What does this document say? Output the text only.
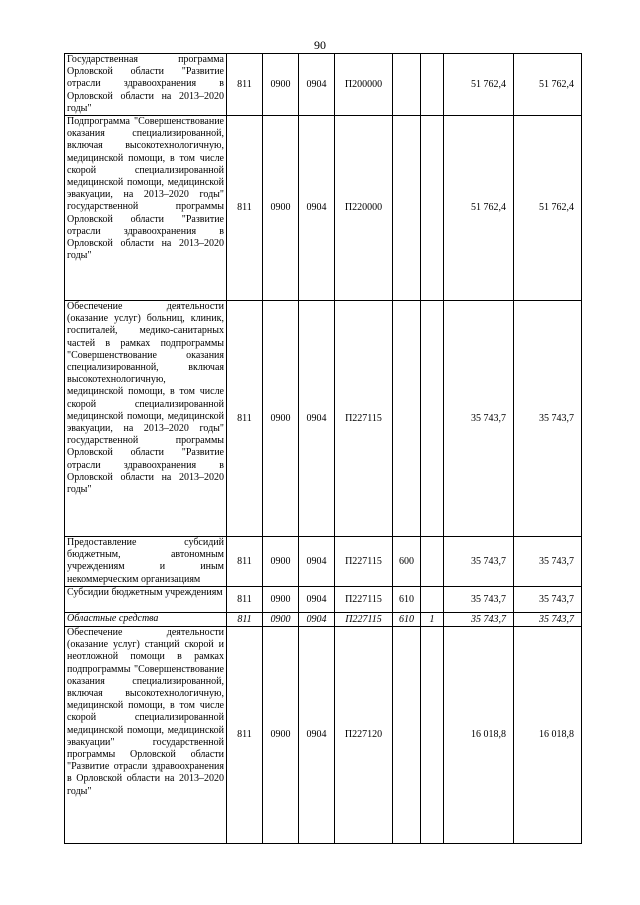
90
Государственная программа Орловской области "Развитие отрасли здравоохранения в Орловской области на 2013–2020 годы"	811	0900	0904	П200000			51 762,4	51 762,4
Подпрограмма "Совершенствование оказания специализированной, включая высокотехнологичную, медицинской помощи, в том числе скорой специализированной медицинской помощи, медицинской эвакуации, на 2013–2020 годы" государственной программы Орловской области "Развитие отрасли здравоохранения в Орловской области на 2013–2020 годы"	811	0900	0904	П220000			51 762,4	51 762,4
Обеспечение деятельности (оказание услуг) больниц, клиник, госпиталей, медико-санитарных частей в рамках подпрограммы "Совершенствование оказания специализированной, включая высокотехнологичную, медицинской помощи, в том числе скорой специализированной медицинской помощи, медицинской эвакуации, на 2013–2020 годы" государственной программы Орловской области "Развитие отрасли здравоохранения в Орловской области на 2013–2020 годы"	811	0900	0904	П227115			35 743,7	35 743,7
Предоставление субсидий бюджетным, автономным учреждениям и иным некоммерческим организациям	811	0900	0904	П227115	600		35 743,7	35 743,7
Субсидии бюджетным учреждениям	811	0900	0904	П227115	610		35 743,7	35 743,7
Областные средства	811	0900	0904	П227115	610	1	35 743,7	35 743,7
Обеспечение деятельности (оказание услуг) станций скорой и неотложной помощи в рамках подпрограммы "Совершенствование оказания специализированной, включая высокотехнологичную, медицинской помощи, в том числе скорой специализированной медицинской помощи, медицинской эвакуации" государственной программы Орловской области "Развитие отрасли здравоохранения в Орловской области на 2013–2020 годы"	811	0900	0904	П227120			16 018,8	16 018,8
